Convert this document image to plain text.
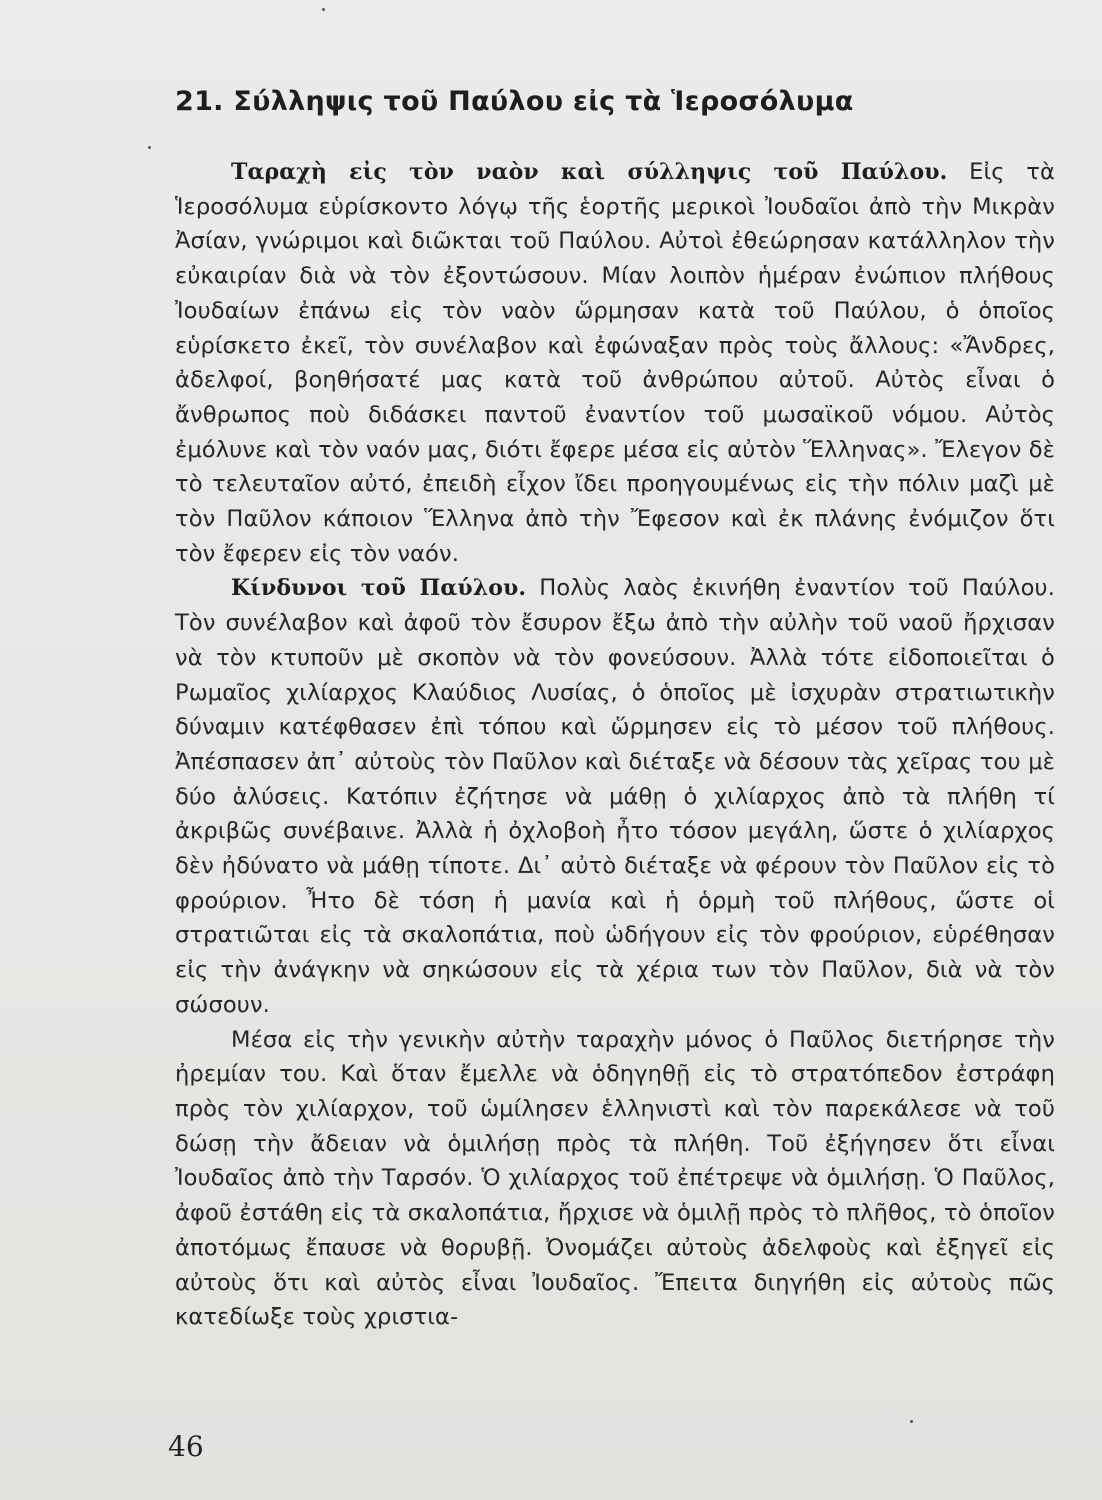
21. Σύλληψις τοῦ Παύλου εἰς τὰ Ἱεροσόλυμα

Ταραχὴ εἰς τὸν ναὸν καὶ σύλληψις τοῦ Παύλου. Εἰς τὰ Ἱεροσόλυμα εὑρίσκοντο λόγῳ τῆς ἑορτῆς μερικοὶ Ἰουδαῖοι ἀπὸ τὴν Μικρὰν Ἀσίαν, γνώριμοι καὶ διῶκται τοῦ Παύλου. Αὐτοὶ ἐθεώρησαν κατάλληλον τὴν εὐκαιρίαν διὰ νὰ τὸν ἐξοντώσουν. Μίαν λοιπὸν ἡμέραν ἐνώπιον πλήθους Ἰουδαίων ἐπάνω εἰς τὸν ναὸν ὥρμησαν κατὰ τοῦ Παύλου, ὁ ὁποῖος εὑρίσκετο ἐκεῖ, τὸν συνέλαβον καὶ ἐφώναξαν πρὸς τοὺς ἄλλους: «Ἄνδρες, ἀδελφοί, βοηθήσατέ μας κατὰ τοῦ ἀνθρώπου αὐτοῦ. Αὐτὸς εἶναι ὁ ἄνθρωπος ποὺ διδάσκει παντοῦ ἐναντίον τοῦ μωσαϊκοῦ νόμου. Αὐτὸς ἐμόλυνε καὶ τὸν ναόν μας, διότι ἔφερε μέσα εἰς αὐτὸν Ἕλληνας». Ἔλεγον δὲ τὸ τελευταῖον αὐτό, ἐπειδὴ εἶχον ἴδει προηγουμένως εἰς τὴν πόλιν μαζὶ μὲ τὸν Παῦλον κάποιον Ἕλληνα ἀπὸ τὴν Ἔφεσον καὶ ἐκ πλάνης ἐνόμιζον ὅτι τὸν ἔφερεν εἰς τὸν ναόν.

Κίνδυνοι τοῦ Παύλου. Πολὺς λαὸς ἐκινήθη ἐναντίον τοῦ Παύλου. Τὸν συνέλαβον καὶ ἀφοῦ τὸν ἔσυρον ἔξω ἀπὸ τὴν αὐλὴν τοῦ ναοῦ ἤρχισαν νὰ τὸν κτυποῦν μὲ σκοπὸν νὰ τὸν φονεύσουν. Ἀλλὰ τότε εἰδοποιεῖται ὁ Ρωμαῖος χιλίαρχος Κλαύδιος Λυσίας, ὁ ὁποῖος μὲ ἰσχυρὰν στρατιωτικὴν δύναμιν κατέφθασεν ἐπὶ τόπου καὶ ὥρμησεν εἰς τὸ μέσον τοῦ πλήθους. Ἀπέσπασεν ἀπ᾽ αὐτοὺς τὸν Παῦλον καὶ διέταξε νὰ δέσουν τὰς χεῖρας του μὲ δύο ἁλύσεις. Κατόπιν ἐζήτησε νὰ μάθῃ ὁ χιλίαρχος ἀπὸ τὰ πλήθη τί ἀκριβῶς συνέβαινε. Ἀλλὰ ἡ ὀχλοβοὴ ἦτο τόσον μεγάλη, ὥστε ὁ χιλίαρχος δὲν ἠδύνατο νὰ μάθῃ τίποτε. Δι᾽ αὐτὸ διέταξε νὰ φέρουν τὸν Παῦλον εἰς τὸ φρούριον. Ἦτο δὲ τόση ἡ μανία καὶ ἡ ὁρμὴ τοῦ πλήθους, ὥστε οἱ στρατιῶται εἰς τὰ σκαλοπάτια, ποὺ ὡδήγουν εἰς τὸν φρούριον, εὑρέθησαν εἰς τὴν ἀνάγκην νὰ σηκώσουν εἰς τὰ χέρια των τὸν Παῦλον, διὰ νὰ τὸν σώσουν.

Μέσα εἰς τὴν γενικὴν αὐτὴν ταραχὴν μόνος ὁ Παῦλος διετήρησε τὴν ἠρεμίαν του. Καὶ ὅταν ἔμελλε νὰ ὁδηγηθῇ εἰς τὸ στρατόπεδον ἐστράφη πρὸς τὸν χιλίαρχον, τοῦ ὡμίλησεν ἑλληνιστὶ καὶ τὸν παρεκάλεσε νὰ τοῦ δώσῃ τὴν ἄδειαν νὰ ὁμιλήσῃ πρὸς τὰ πλήθη. Τοῦ ἐξήγησεν ὅτι εἶναι Ἰουδαῖος ἀπὸ τὴν Ταρσόν. Ὁ χιλίαρχος τοῦ ἐπέτρεψε νὰ ὁμιλήσῃ. Ὁ Παῦλος, ἀφοῦ ἐστάθη εἰς τὰ σκαλοπάτια, ἤρχισε νὰ ὁμιλῇ πρὸς τὸ πλῆθος, τὸ ὁποῖον ἀποτόμως ἔπαυσε νὰ θορυβῇ. Ὀνομάζει αὐτοὺς ἀδελφοὺς καὶ ἐξηγεῖ εἰς αὐτοὺς ὅτι καὶ αὐτὸς εἶναι Ἰουδαῖος. Ἔπειτα διηγήθη εἰς αὐτοὺς πῶς κατεδίωξε τοὺς χριστια-

46
